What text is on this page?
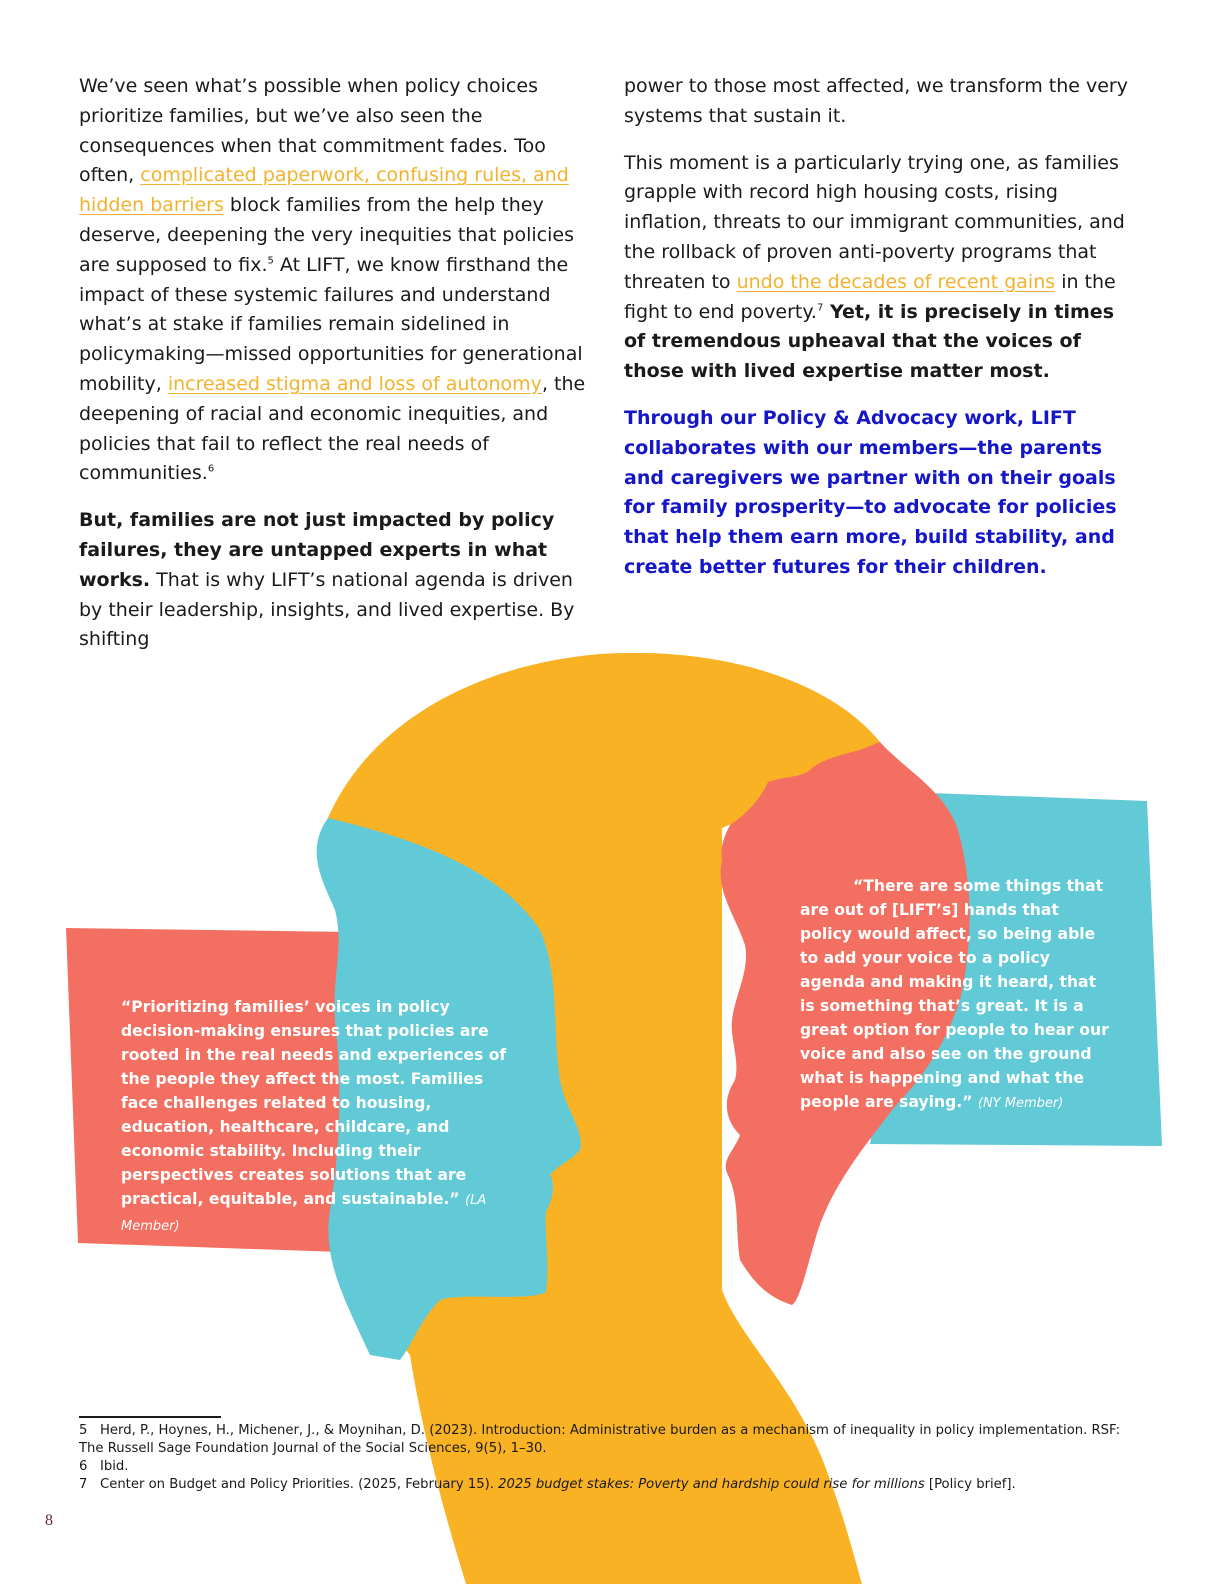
We’ve seen what’s possible when policy choices prioritize families, but we’ve also seen the consequences when that commitment fades. Too often, complicated paperwork, confusing rules, and hidden barriers block families from the help they deserve, deepening the very inequities that policies are supposed to fix.$^5$ At LIFT, we know firsthand the impact of these systemic failures and understand what’s at stake if families remain sidelined in policymaking—missed opportunities for generational mobility, increased stigma and loss of autonomy, the deepening of racial and economic inequities, and policies that fail to reflect the real needs of communities.$^6$

But, families are not just impacted by policy failures, they are untapped experts in what works. That is why LIFT’s national agenda is driven by their leadership, insights, and lived expertise. By shifting

power to those most affected, we transform the very systems that sustain it.

This moment is a particularly trying one, as families grapple with record high housing costs, rising inflation, threats to our immigrant communities, and the rollback of proven anti-poverty programs that threaten to undo the decades of recent gains in the fight to end poverty.$^7$ Yet, it is precisely in times of tremendous upheaval that the voices of those with lived expertise matter most.

Through our Policy & Advocacy work, LIFT collaborates with our members—the parents and caregivers we partner with on their goals for family prosperity—to advocate for policies that help them earn more, build stability, and create better futures for their children.

“Prioritizing families’ voices in policy decision-making ensures that policies are rooted in the real needs and experiences of the people they affect the most. Families face challenges related to housing, education, healthcare, childcare, and economic stability. Including their perspectives creates solutions that are practical, equitable, and sustainable.” (LA Member)
“There are some things that are out of [LIFT’s] hands that policy would affect, so being able to add your voice to a policy agenda and making it heard, that is something that’s great. It is a great option for people to hear our voice and also see on the ground what is happening and what the people are saying.” (NY Member)

5 Herd, P., Hoynes, H., Michener, J., & Moynihan, D. (2023). Introduction: Administrative burden as a mechanism of inequality in policy implementation. RSF: The Russell Sage Foundation Journal of the Social Sciences, 9(5), 1–30.

6 Ibid.

7 Center on Budget and Policy Priorities. (2025, February 15). 2025 budget stakes: Poverty and hardship could rise for millions [Policy brief].

8
